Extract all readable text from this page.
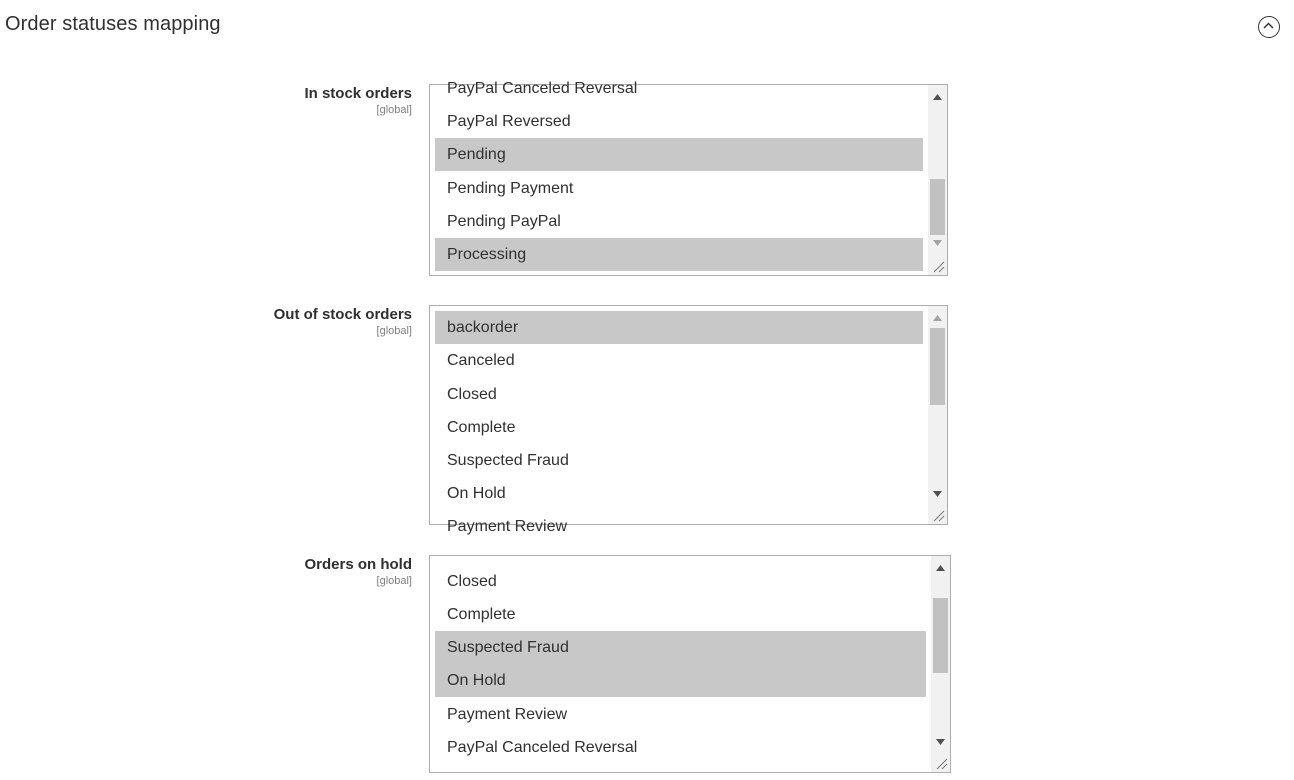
Order statuses mapping
In stock orders
[global]
PayPal Canceled Reversal
PayPal Reversed
Pending
Pending Payment
Pending PayPal
Processing
Out of stock orders
[global]	backorder
Canceled
Closed
Complete
Suspected Fraud
On Hold
Payment Review
Orders on hold
[global]	Closed
Complete
Suspected Fraud
On Hold
Payment Review
PayPal Canceled Reversal
